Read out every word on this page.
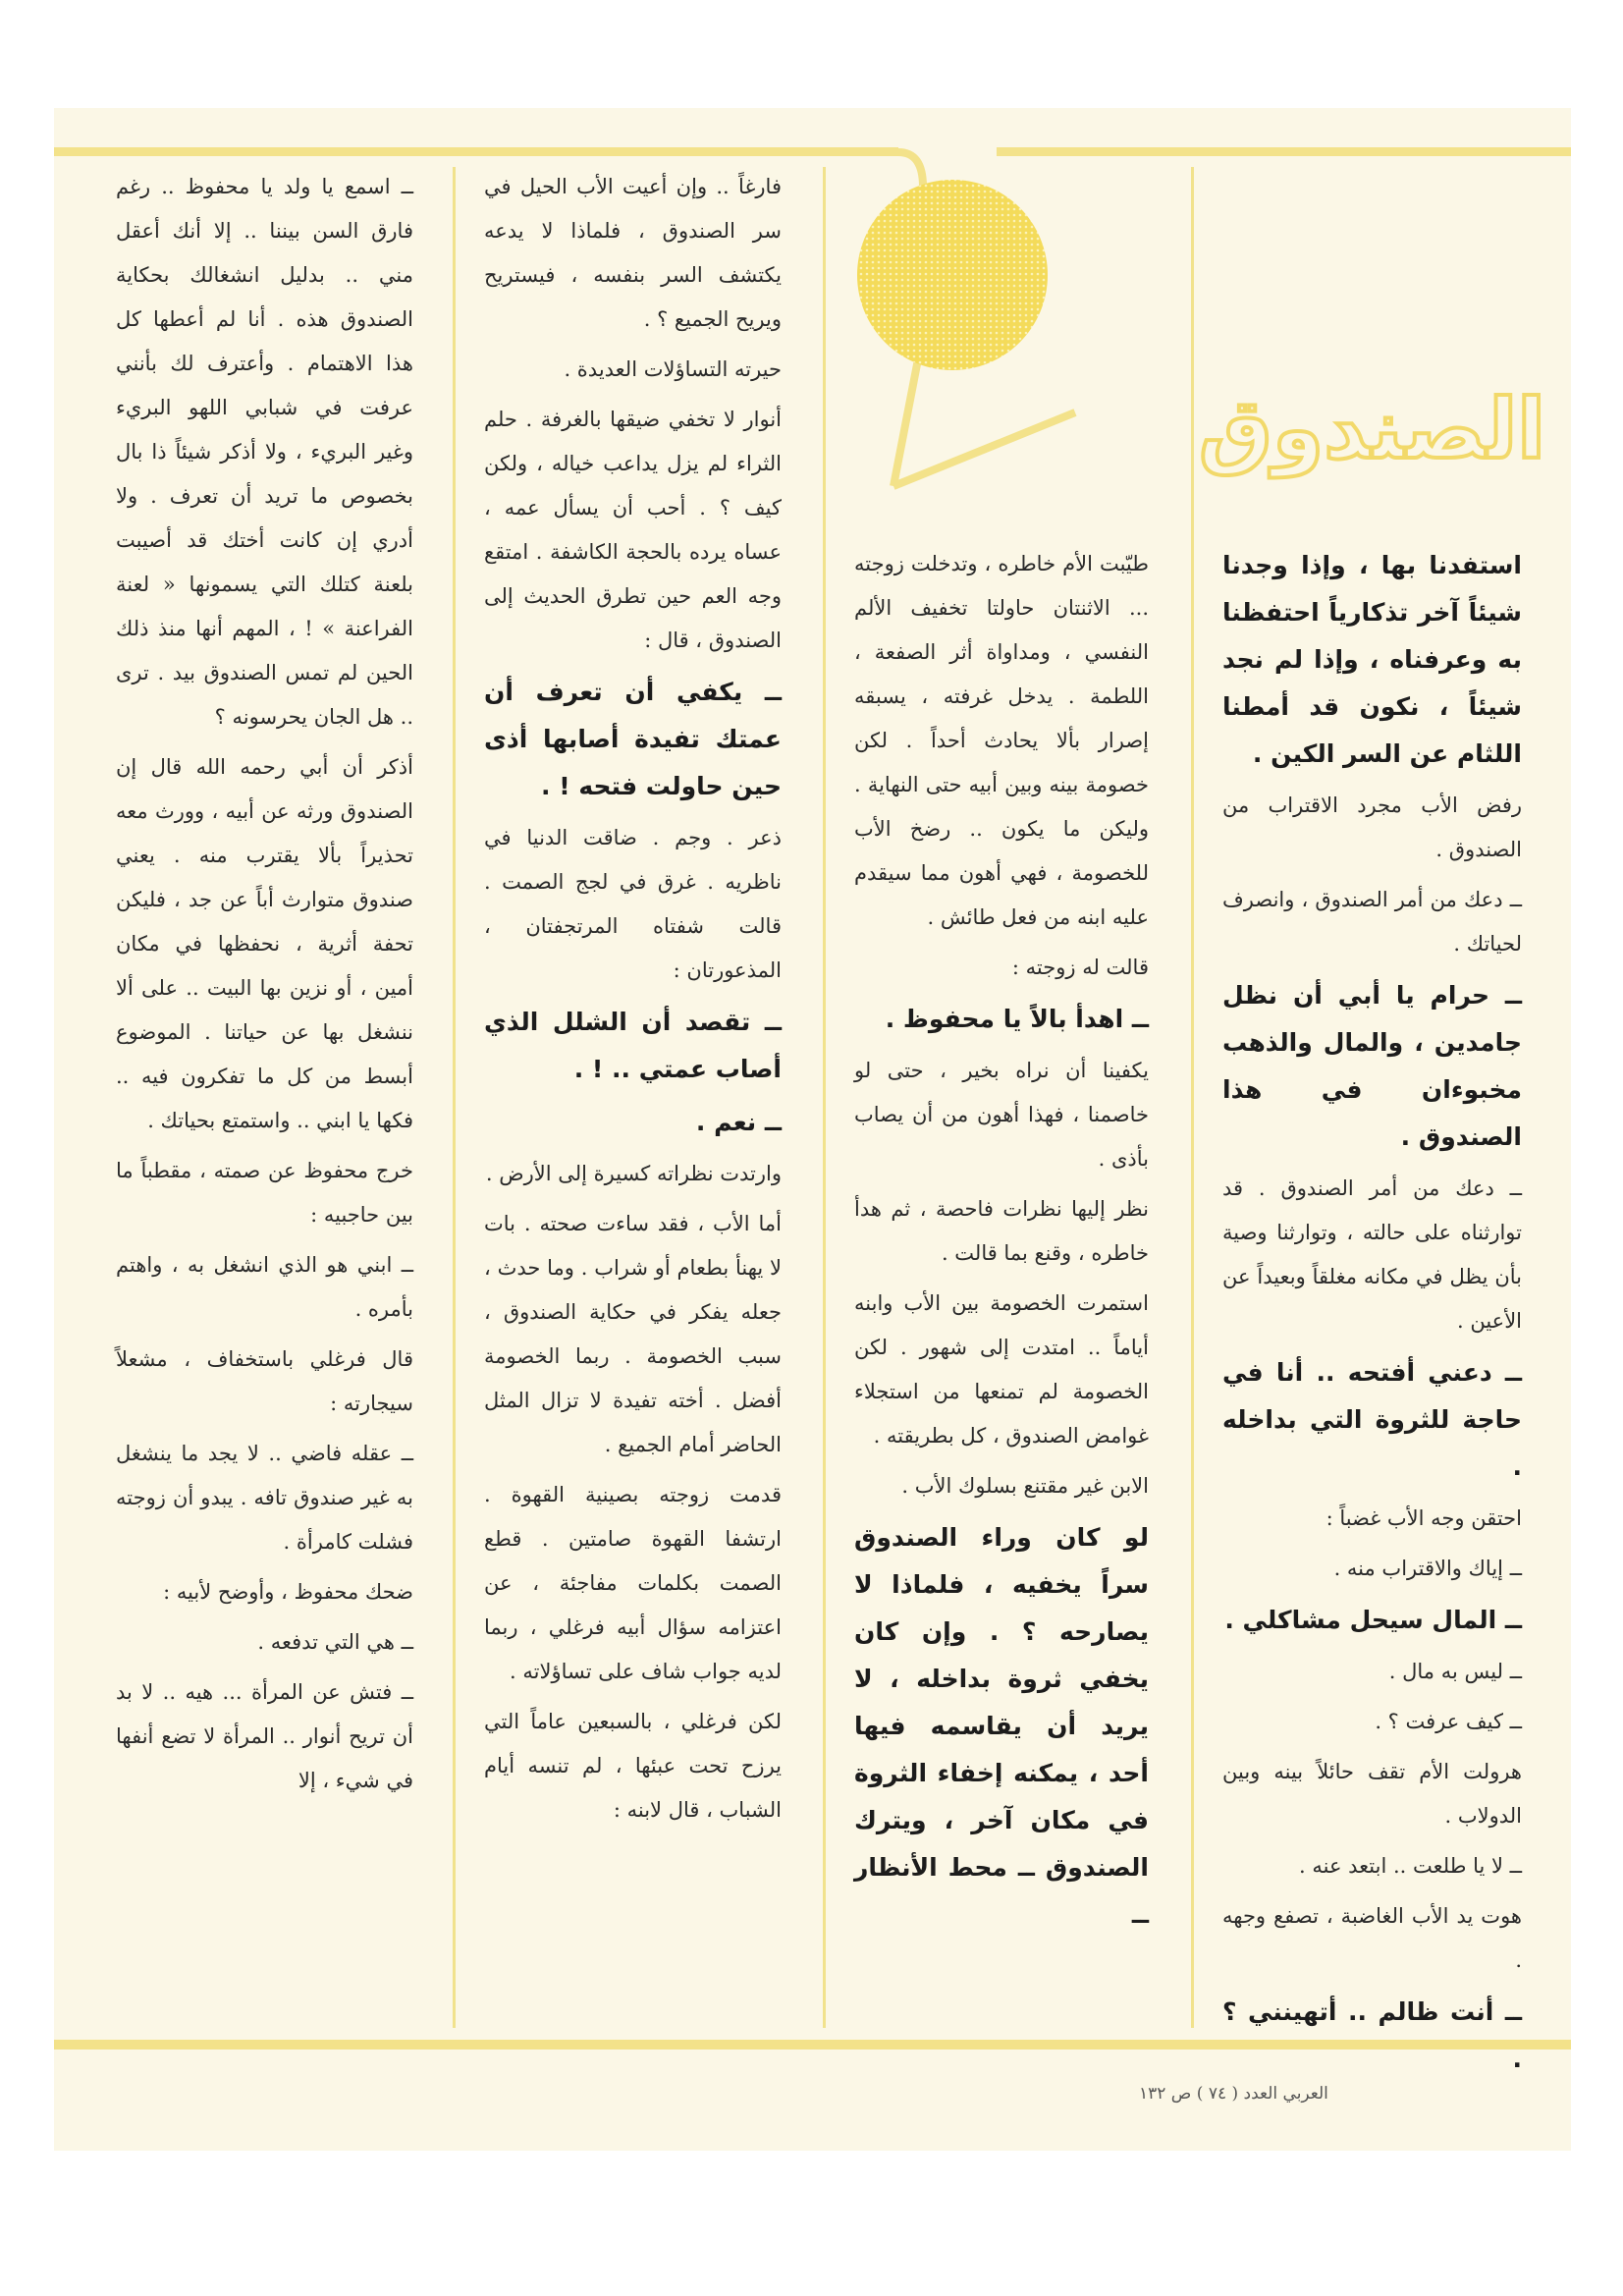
الصندوق

استفدنا بها ، وإذا وجدنا شيئاً آخر تذكارياً احتفظنا به وعرفناه ، وإذا لم نجد شيئاً ، نكون قد أمطنا اللثام عن السر الكين .

رفض الأب مجرد الاقتراب من الصندوق .

ــ دعك من أمر الصندوق ، وانصرف لحياتك .

ــ حرام يا أبي أن نظل جامدين ، والمال والذهب مخبوءان في هذا الصندوق .

ــ دعك من أمر الصندوق . قد توارثناه على حالته ، وتوارثنا وصية بأن يظل في مكانه مغلقاً وبعيداً عن الأعين .

ــ دعني أفتحه .. أنا في حاجة للثروة التي بداخله .

احتقن وجه الأب غضباً :

ــ إياك والاقتراب منه .

ــ المال سيحل مشاكلي .

ــ ليس به مال .

ــ كيف عرفت ؟ .

هرولت الأم تقف حائلاً بينه وبين الدولاب .

ــ لا يا طلعت .. ابتعد عنه .

هوت يد الأب الغاضبة ، تصفع وجهه .

ــ أنت ظالم .. أتهينني ؟ .

طيّبت الأم خاطره ، وتدخلت زوجته ... الاثنتان حاولتا تخفيف الألم النفسي ، ومداواة أثر الصفعة ، اللطمة . يدخل غرفته ، يسبقه إصرار بألا يحادث أحداً . لكن خصومة بينه وبين أبيه حتى النهاية . وليكن ما يكون .. رضخ الأب للخصومة ، فهي أهون مما سيقدم عليه ابنه من فعل طائش .

قالت له زوجته :

ــ اهدأ بالاً يا محفوظ .

يكفينا أن نراه بخير ، حتى لو خاصمنا ، فهذا أهون من أن يصاب بأذى .

نظر إليها نظرات فاحصة ، ثم هدأ خاطره ، وقنع بما قالت .

استمرت الخصومة بين الأب وابنه أياماً .. امتدت إلى شهور . لكن الخصومة لم تمنعها من استجلاء غوامض الصندوق ، كل بطريقته .

الابن غير مقتنع بسلوك الأب .

لو كان وراء الصندوق سراً يخفيه ، فلماذا لا يصارحه ؟ . وإن كان يخفي ثروة بداخله ، لا يريد أن يقاسمه فيها أحد ، يمكنه إخفاء الثروة في مكان آخر ، ويترك الصندوق ــ محط الأنظار ــ

فارغاً .. وإن أعيت الأب الحيل في سر الصندوق ، فلماذا لا يدعه يكتشف السر بنفسه ، فيستريح ويريح الجميع ؟ .

حيرته التساؤلات العديدة .

أنوار لا تخفي ضيقها بالغرفة . حلم الثراء لم يزل يداعب خياله ، ولكن كيف ؟ . أحب أن يسأل عمه ، عساه يرده بالحجة الكاشفة . امتقع وجه العم حين تطرق الحديث إلى الصندوق ، قال :

ــ يكفي أن تعرف أن عمتك تفيدة أصابها أذى حين حاولت فتحه ! .

ذعر . وجم . ضاقت الدنيا في ناظريه . غرق في لجج الصمت . قالت شفتاه المرتجفتان ، المذعورتان :

ــ تقصد أن الشلل الذي أصاب عمتي .. ! .

ــ نعم .

وارتدت نظراته كسيرة إلى الأرض .

أما الأب ، فقد ساءت صحته . بات لا يهنأ بطعام أو شراب . وما حدث ، جعله يفكر في حكاية الصندوق ، سبب الخصومة . ربما الخصومة أفضل . أخته تفيدة لا تزال المثل الحاضر أمام الجميع .

قدمت زوجته بصينية القهوة . ارتشفا القهوة صامتين . قطع الصمت بكلمات مفاجئة ، عن اعتزامه سؤال أبيه فرغلي ، ربما لديه جواب شاف على تساؤلاته .

لكن فرغلي ، بالسبعين عاماً التي يرزح تحت عبئها ، لم تنسه أيام الشباب ، قال لابنه :

ــ اسمع يا ولد يا محفوظ .. رغم فارق السن بيننا .. إلا أنك أعقل مني .. بدليل انشغالك بحكاية الصندوق هذه . أنا لم أعطها كل هذا الاهتمام . وأعترف لك بأنني عرفت في شبابي اللهو البريء وغير البريء ، ولا أذكر شيئاً ذا بال بخصوص ما تريد أن تعرف . ولا أدري إن كانت أختك قد أصيبت بلعنة كتلك التي يسمونها « لعنة الفراعنة » ! ، المهم أنها منذ ذلك الحين لم تمس الصندوق بيد . ترى .. هل الجان يحرسونه ؟

أذكر أن أبي رحمه الله قال إن الصندوق ورثه عن أبيه ، وورث معه تحذيراً بألا يقترب منه . يعني صندوق متوارث أباً عن جد ، فليكن تحفة أثرية ، نحفظها في مكان أمين ، أو نزين بها البيت .. على ألا ننشغل بها عن حياتنا . الموضوع أبسط من كل ما تفكرون فيه .. فكها يا ابني .. واستمتع بحياتك .

خرج محفوظ عن صمته ، مقطباً ما بين حاجبيه :

ــ ابني هو الذي انشغل به ، واهتم بأمره .

قال فرغلي باستخفاف ، مشعلاً سيجارته :

ــ عقله فاضي .. لا يجد ما ينشغل به غير صندوق تافه . يبدو أن زوجته فشلت كامرأة .

ضحك محفوظ ، وأوضح لأبيه :

ــ هي التي تدفعه .

ــ فتش عن المرأة ... هيه .. لا بد أن تريح أنوار .. المرأة لا تضع أنفها في شيء ، إلا

العربي العدد ( ٧٤ ) ص ١٣٢
